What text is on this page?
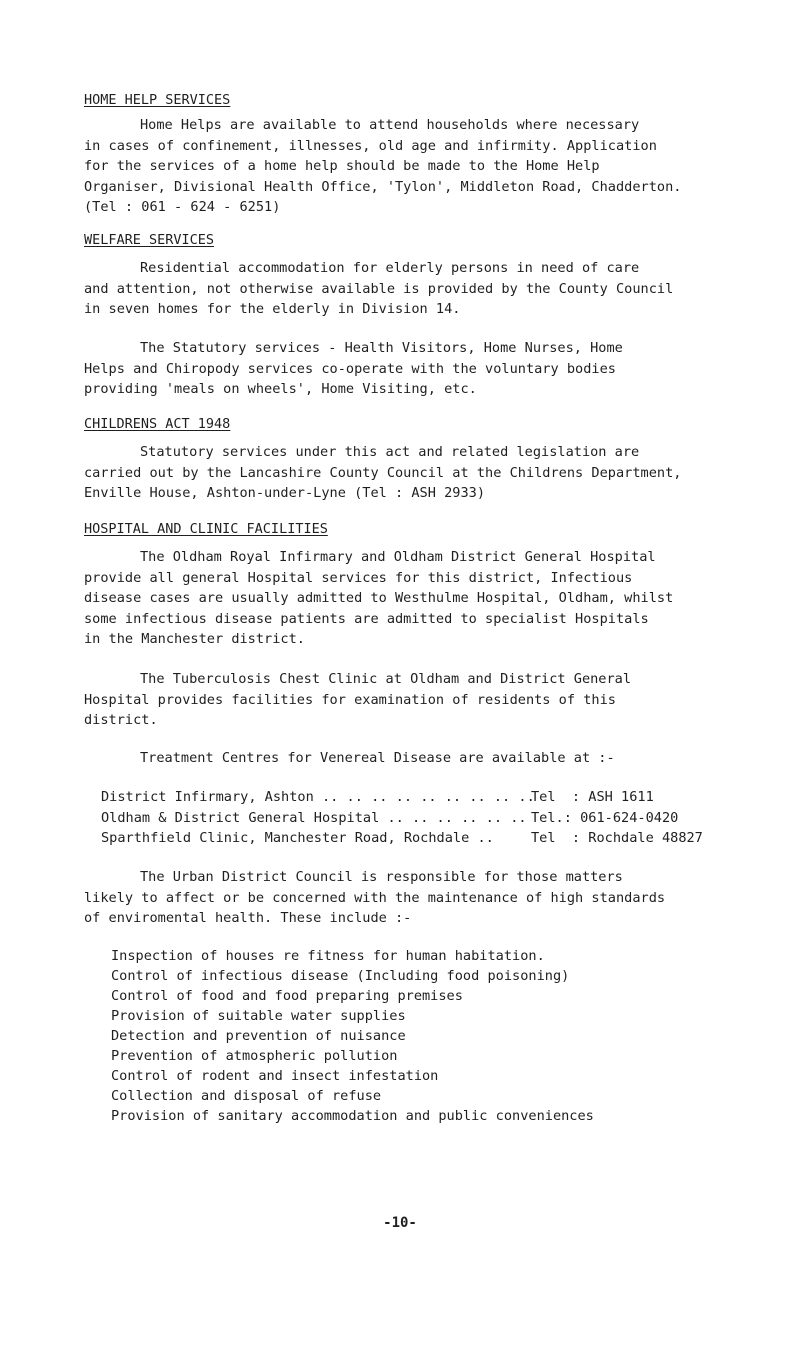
HOME HELP SERVICES
Home Helps are available to attend households where necessary
in cases of confinement, illnesses, old age and infirmity. Application
for the services of a home help should be made to the Home Help
Organiser, Divisional Health Office, 'Tylon', Middleton Road, Chadderton.
(Tel : 061 - 624 - 6251)
WELFARE SERVICES
Residential accommodation for elderly persons in need of care
and attention, not otherwise available is provided by the County Council
in seven homes for the elderly in Division 14.
The Statutory services - Health Visitors, Home Nurses, Home
Helps and Chiropody services co-operate with the voluntary bodies
providing 'meals on wheels', Home Visiting, etc.
CHILDRENS ACT 1948
Statutory services under this act and related legislation are
carried out by the Lancashire County Council at the Childrens Department,
Enville House, Ashton-under-Lyne (Tel : ASH 2933)
HOSPITAL AND CLINIC FACILITIES
The Oldham Royal Infirmary and Oldham District General Hospital
provide all general Hospital services for this district, Infectious
disease cases are usually admitted to Westhulme Hospital, Oldham, whilst
some infectious disease patients are admitted to specialist Hospitals
in the Manchester district.
The Tuberculosis Chest Clinic at Oldham and District General
Hospital provides facilities for examination of residents of this
district.
Treatment Centres for Venereal Disease are available at :-
District Infirmary, Ashton .. .. .. .. .. .. .. .. ..
Tel  : ASH 1611
Oldham & District General Hospital .. .. .. .. .. .. Tel.: 061-624-0420
Sparthfield Clinic, Manchester Road, Rochdale ..	Tel  : Rochdale 48827
The Urban District Council is responsible for those matters
likely to affect or be concerned with the maintenance of high standards
of enviromental health. These include :-
Inspection of houses re fitness for human habitation.
Control of infectious disease (Including food poisoning)
Control of food and food preparing premises
Provision of suitable water supplies
Detection and prevention of nuisance
Prevention of atmospheric pollution
Control of rodent and insect infestation
Collection and disposal of refuse
Provision of sanitary accommodation and public conveniences
-10-
